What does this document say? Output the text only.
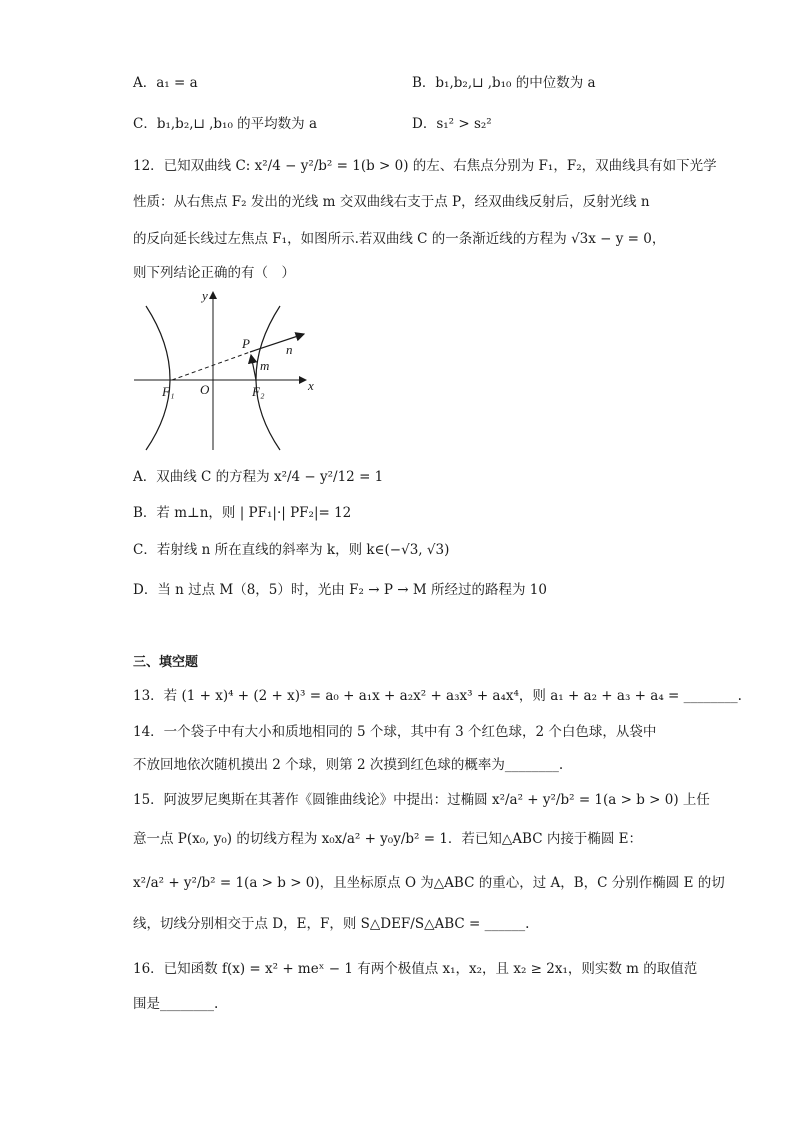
A．a₁ = a	B．b₁,b₂,⊔ ,b₁₀ 的中位数为 a
C．b₁,b₂,⊔ ,b₁₀ 的平均数为 a	D．s₁² > s₂²
12．已知双曲线 C: x²/4 − y²/b² = 1(b > 0) 的左、右焦点分别为 F₁，F₂，双曲线具有如下光学
性质：从右焦点 F₂ 发出的光线 m 交双曲线右支于点 P，经双曲线反射后，反射光线 n
的反向延长线过左焦点 F₁，如图所示.若双曲线 C 的一条渐近线的方程为 √3x − y = 0，
则下列结论正确的有（　）
y
x
O
F₁	F₂
P
m
n
A．双曲线 C 的方程为 x²/4 − y²/12 = 1
B．若 m⊥n，则 | PF₁|·| PF₂|= 12
C．若射线 n 所在直线的斜率为 k，则 k∈(−√3, √3)
D．当 n 过点 M（8，5）时，光由 F₂ → P → M 所经过的路程为 10
三、填空题
13．若 (1 + x)⁴ + (2 + x)³ = a₀ + a₁x + a₂x² + a₃x³ + a₄x⁴，则 a₁ + a₂ + a₃ + a₄ = ________.
14．一个袋子中有大小和质地相同的 5 个球，其中有 3 个红色球，2 个白色球，从袋中
不放回地依次随机摸出 2 个球，则第 2 次摸到红色球的概率为________.
15．阿波罗尼奥斯在其著作《圆锥曲线论》中提出：过椭圆 x²/a² + y²/b² = 1(a > b > 0) 上任
意一点 P(x₀, y₀) 的切线方程为 x₀x/a² + y₀y/b² = 1．若已知△ABC 内接于椭圆 E：
x²/a² + y²/b² = 1(a > b > 0)，且坐标原点 O 为△ABC 的重心，过 A，B，C 分别作椭圆 E 的切
线，切线分别相交于点 D，E，F，则 S△DEF/S△ABC = ______.
16．已知函数 f(x) = x² + meˣ − 1 有两个极值点 x₁，x₂，且 x₂ ≥ 2x₁，则实数 m 的取值范
围是________.
